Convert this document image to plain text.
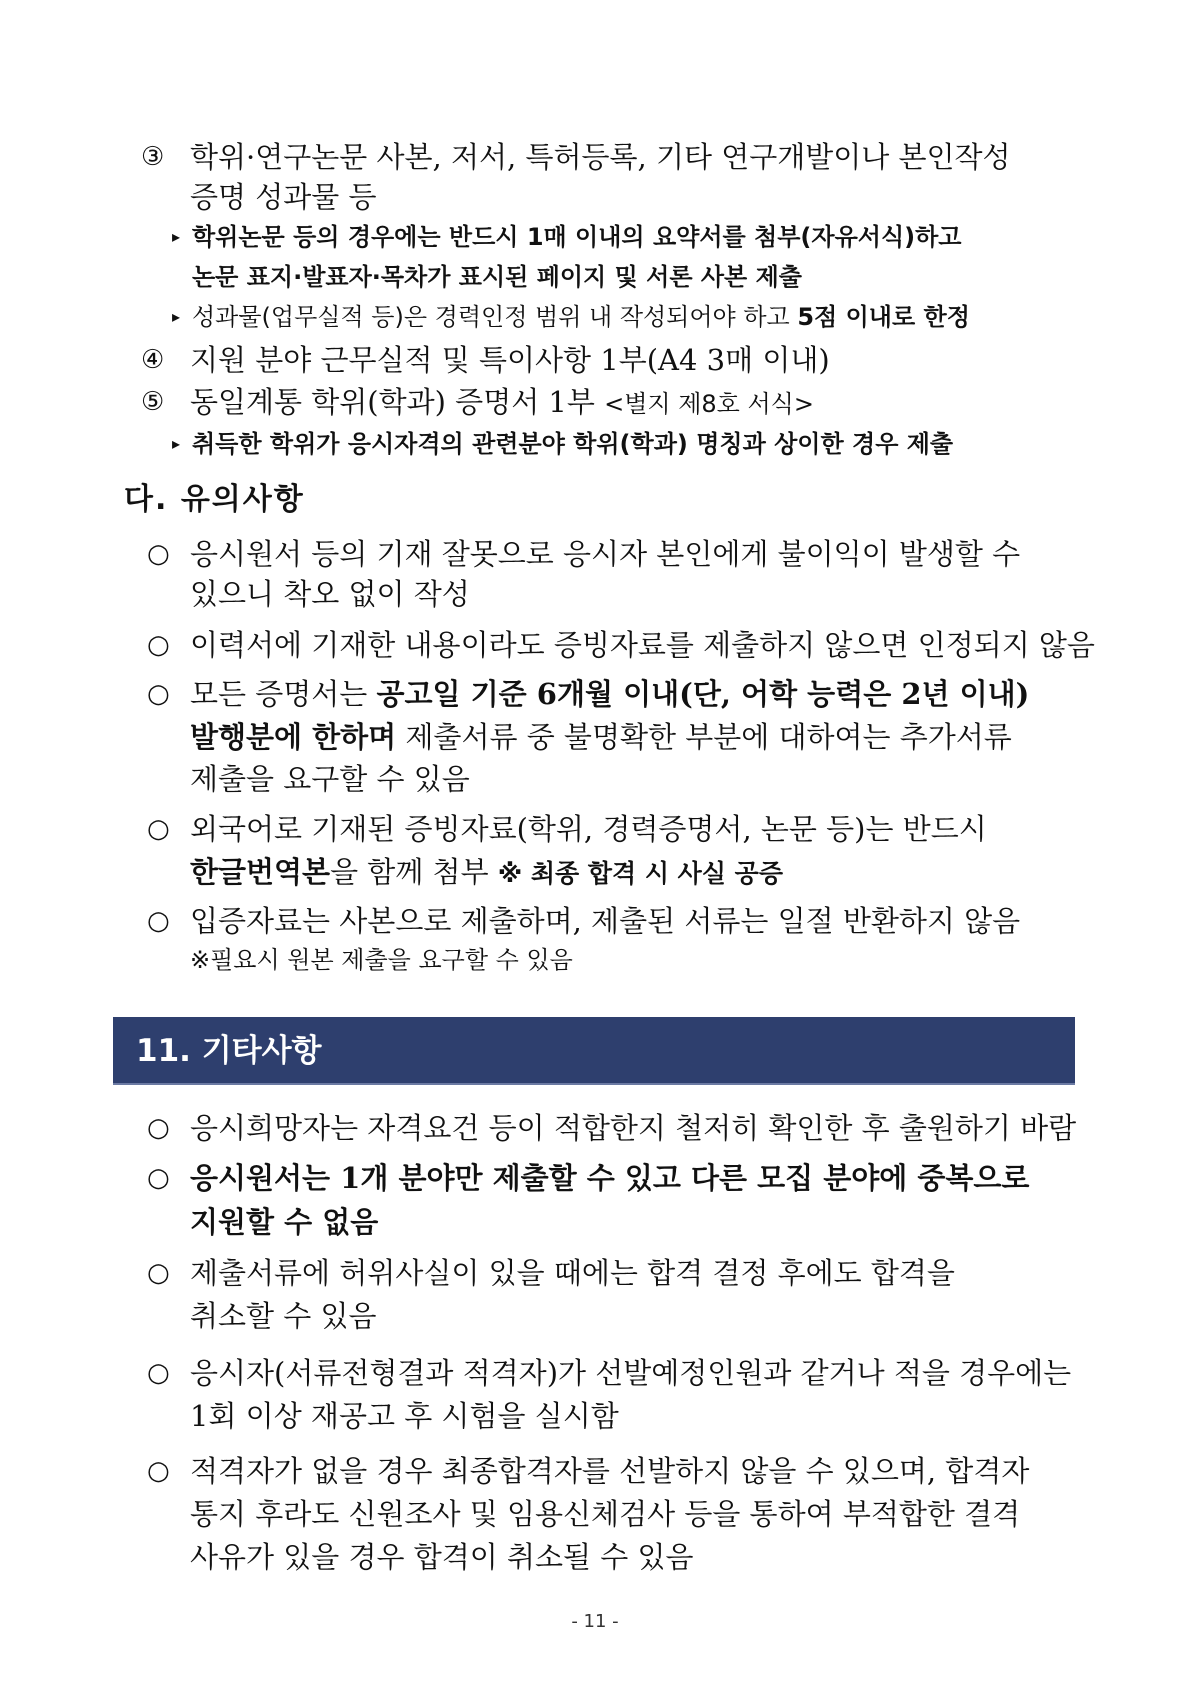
③ 학위·연구논문 사본, 저서, 특허등록, 기타 연구개발이나 본인작성
증명 성과물 등
▸ 학위논문 등의 경우에는 반드시 1매 이내의 요약서를 첨부(자유서식)하고
논문 표지·발표자·목차가 표시된 페이지 및 서론 사본 제출
▸ 성과물(업무실적 등)은 경력인정 범위 내 작성되어야 하고 5점 이내로 한정
④ 지원 분야 근무실적 및 특이사항 1부(A4 3매 이내)
⑤ 동일계통 학위(학과) 증명서 1부 <별지 제8호 서식>
▸ 취득한 학위가 응시자격의 관련분야 학위(학과) 명칭과 상이한 경우 제출
다. 유의사항
○ 응시원서 등의 기재 잘못으로 응시자 본인에게 불이익이 발생할 수
있으니 착오 없이 작성
○ 이력서에 기재한 내용이라도 증빙자료를 제출하지 않으면 인정되지 않음
○ 모든 증명서는 공고일 기준 6개월 이내(단, 어학 능력은 2년 이내)
발행분에 한하며 제출서류 중 불명확한 부분에 대하여는 추가서류
제출을 요구할 수 있음
○ 외국어로 기재된 증빙자료(학위, 경력증명서, 논문 등)는 반드시
한글번역본을 함께 첨부 ※ 최종 합격 시 사실 공증
○ 입증자료는 사본으로 제출하며, 제출된 서류는 일절 반환하지 않음
※필요시 원본 제출을 요구할 수 있음
11. 기타사항
○ 응시희망자는 자격요건 등이 적합한지 철저히 확인한 후 출원하기 바람
○ 응시원서는 1개 분야만 제출할 수 있고 다른 모집 분야에 중복으로
지원할 수 없음
○ 제출서류에 허위사실이 있을 때에는 합격 결정 후에도 합격을
취소할 수 있음
○ 응시자(서류전형결과 적격자)가 선발예정인원과 같거나 적을 경우에는
1회 이상 재공고 후 시험을 실시함
○ 적격자가 없을 경우 최종합격자를 선발하지 않을 수 있으며, 합격자
통지 후라도 신원조사 및 임용신체검사 등을 통하여 부적합한 결격
사유가 있을 경우 합격이 취소될 수 있음
- 11 -
